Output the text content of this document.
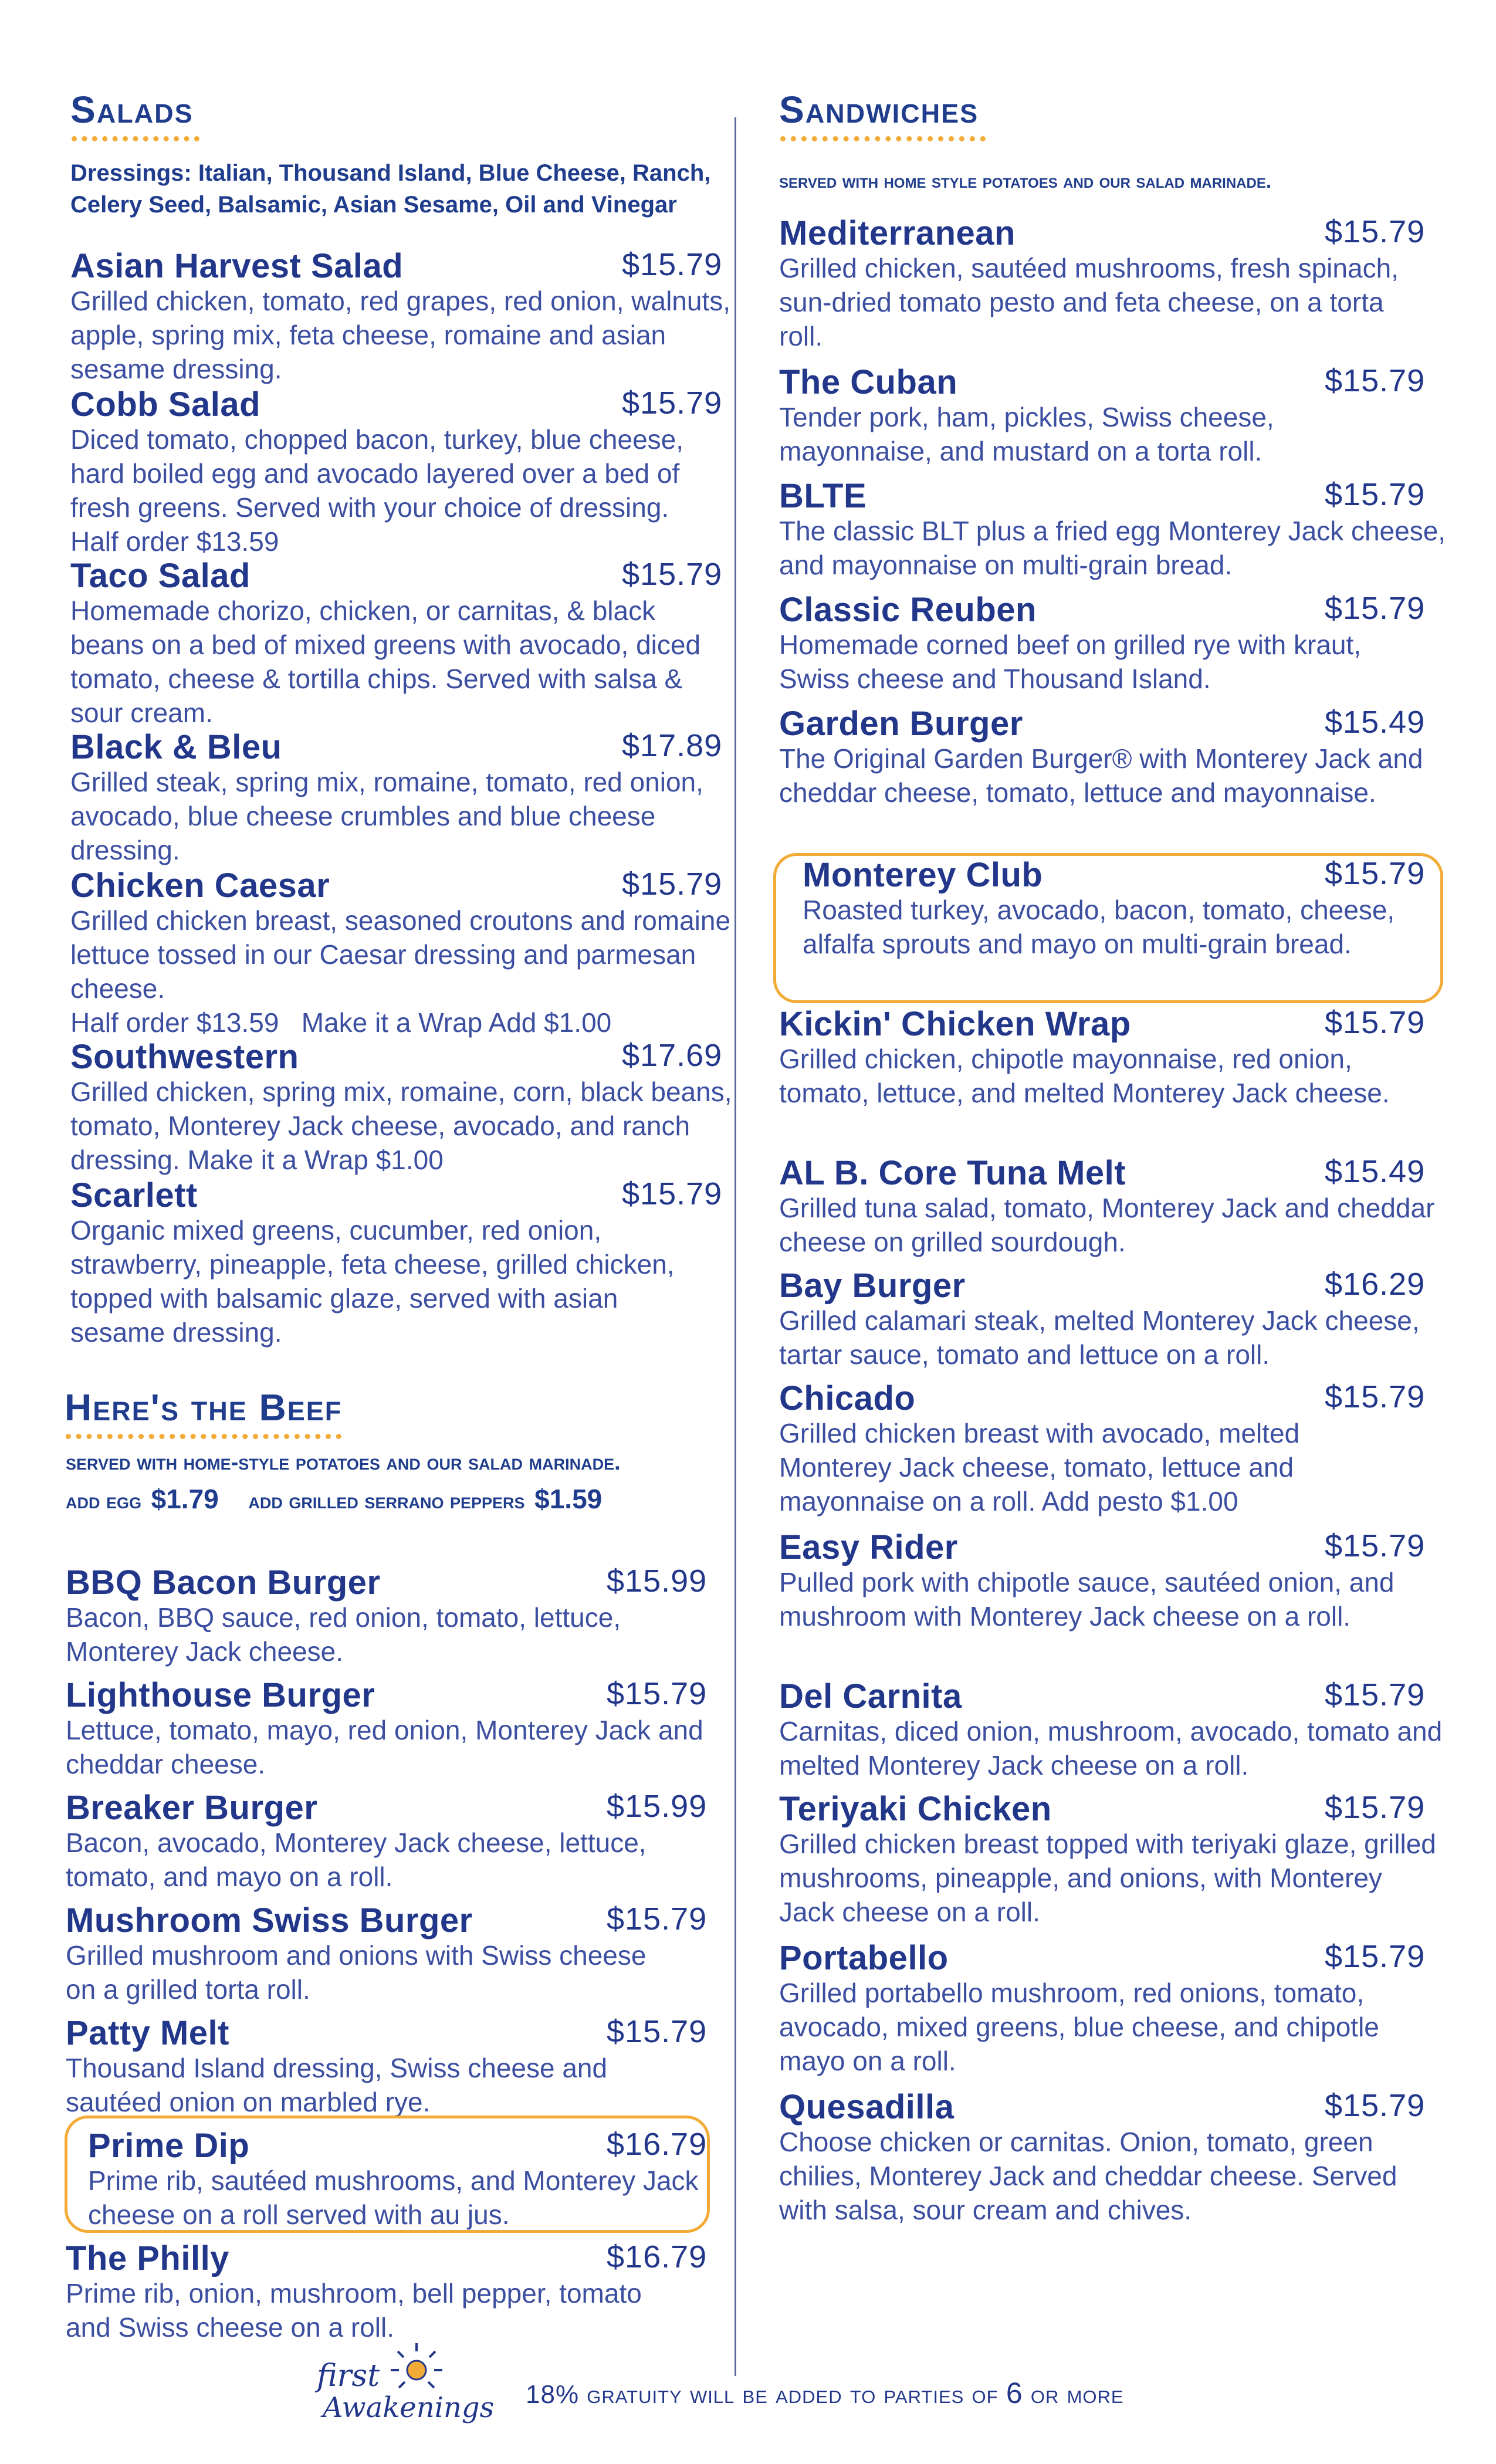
Salads
Dressings: Italian, Thousand Island, Blue Cheese, Ranch,
Celery Seed, Balsamic, Asian Sesame, Oil and Vinegar
Asian Harvest Salad	$15.79
Grilled chicken, tomato, red grapes, red onion, walnuts, apple, spring mix, feta cheese, romaine and asian sesame dressing.
Cobb Salad	$15.79
Diced tomato, chopped bacon, turkey, blue cheese, hard boiled egg and avocado layered over a bed of fresh greens. Served with your choice of dressing. Half order $13.59
Taco Salad	$15.79
Homemade chorizo, chicken, or carnitas, & black beans on a bed of mixed greens with avocado, diced tomato, cheese & tortilla chips. Served with salsa & sour cream.
Black & Bleu	$17.89
Grilled steak, spring mix, romaine, tomato, red onion, avocado, blue cheese crumbles and blue cheese dressing.
Chicken Caesar	$15.79
Grilled chicken breast, seasoned croutons and romaine lettuce tossed in our Caesar dressing and parmesan cheese.
Half order $13.59   Make it a Wrap Add $1.00
Southwestern	$17.69
Grilled chicken, spring mix, romaine, corn, black beans, tomato, Monterey Jack cheese, avocado, and ranch dressing. Make it a Wrap $1.00
Scarlett	$15.79
Organic mixed greens, cucumber, red onion, strawberry, pineapple, feta cheese, grilled chicken, topped with balsamic glaze, served with asian sesame dressing.
Here's the Beef
served with home-style potatoes and our salad marinade.
add egg $1.79 add grilled serrano peppers $1.59
BBQ Bacon Burger	$15.99
Bacon, BBQ sauce, red onion, tomato, lettuce, Monterey Jack cheese.
Lighthouse Burger	$15.79
Lettuce, tomato, mayo, red onion, Monterey Jack and cheddar cheese.
Breaker Burger	$15.99
Bacon, avocado, Monterey Jack cheese, lettuce, tomato, and mayo on a roll.
Mushroom Swiss Burger	$15.79
Grilled mushroom and onions with Swiss cheese on a grilled torta roll.
Patty Melt	$15.79
Thousand Island dressing, Swiss cheese and sautéed onion on marbled rye.
Prime Dip	$16.79
Prime rib, sautéed mushrooms, and Monterey Jack cheese on a roll served with au jus.
The Philly	$16.79
Prime rib, onion, mushroom, bell pepper, tomato and Swiss cheese on a roll.
Sandwiches
served with home style potatoes and our salad marinade.
Mediterranean	$15.79
Grilled chicken, sautéed mushrooms, fresh spinach, sun-dried tomato pesto and feta cheese, on a torta roll.
The Cuban	$15.79
Tender pork, ham, pickles, Swiss cheese, mayonnaise, and mustard on a torta roll.
BLTE	$15.79
The classic BLT plus a fried egg Monterey Jack cheese, and mayonnaise on multi-grain bread.
Classic Reuben	$15.79
Homemade corned beef on grilled rye with kraut, Swiss cheese and Thousand Island.
Garden Burger	$15.49
The Original Garden Burger® with Monterey Jack and cheddar cheese, tomato, lettuce and mayonnaise.
Monterey Club	$15.79
Roasted turkey, avocado, bacon, tomato, cheese, alfalfa sprouts and mayo on multi-grain bread.
Kickin' Chicken Wrap	$15.79
Grilled chicken, chipotle mayonnaise, red onion, tomato, lettuce, and melted Monterey Jack cheese.
AL B. Core Tuna Melt	$15.49
Grilled tuna salad, tomato, Monterey Jack and cheddar cheese on grilled sourdough.
Bay Burger	$16.29
Grilled calamari steak, melted Monterey Jack cheese, tartar sauce, tomato and lettuce on a roll.
Chicado	$15.79
Grilled chicken breast with avocado, melted Monterey Jack cheese, tomato, lettuce and mayonnaise on a roll. Add pesto $1.00
Easy Rider	$15.79
Pulled pork with chipotle sauce, sautéed onion, and mushroom with Monterey Jack cheese on a roll.
Del Carnita	$15.79
Carnitas, diced onion, mushroom, avocado, tomato and melted Monterey Jack cheese on a roll.
Teriyaki Chicken	$15.79
Grilled chicken breast topped with teriyaki glaze, grilled mushrooms, pineapple, and onions, with Monterey Jack cheese on a roll.
Portabello	$15.79
Grilled portabello mushroom, red onions, tomato, avocado, mixed greens, blue cheese, and chipotle mayo on a roll.
Quesadilla	$15.79
Choose chicken or carnitas. Onion, tomato, green chilies, Monterey Jack and cheddar cheese. Served with salsa, sour cream and chives.
first
Awakenings 18% gratuity will be added to parties of 6 or more
